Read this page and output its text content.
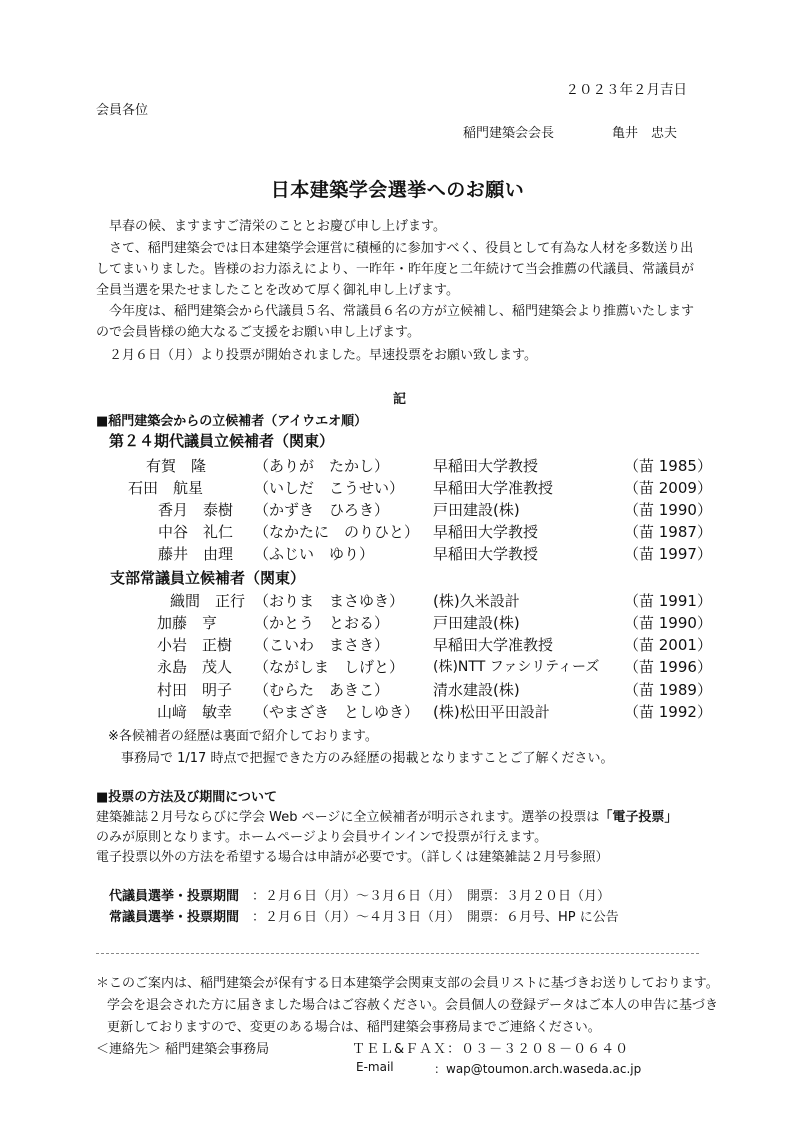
２０２３年２月吉日
会員各位
稲門建築会会長	亀井　忠夫
日本建築学会選挙へのお願い
早春の候、ますますご清栄のこととお慶び申し上げます。
さて、稲門建築会では日本建築学会運営に積極的に参加すべく、役員として有為な人材を多数送り出してまいりました。皆様のお力添えにより、一昨年・昨年度と二年続けて当会推薦の代議員、常議員が全員当選を果たせましたことを改めて厚く御礼申し上げます。
今年度は、稲門建築会から代議員５名、常議員６名の方が立候補し、稲門建築会より推薦いたしますので会員皆様の絶大なるご支援をお願い申し上げます。
２月６日（月）より投票が開始されました。早速投票をお願い致します。
記
■稲門建築会からの立候補者（アイウエオ順）
第２４期代議員立候補者（関東）
有賀　隆	（ありが　たかし）	早稲田大学教授	（苗 1985）
石田　航星	（いしだ　こうせい） 早稲田大学准教授	（苗 2009）
香月　泰樹 （かずき　ひろき）	戸田建設(株)	（苗 1990）
中谷　礼仁 （なかたに　のりひと） 早稲田大学教授	（苗 1987）
藤井　由理 （ふじい　ゆり）	早稲田大学教授	（苗 1997）
支部常議員立候補者（関東）
織間　正行 （おりま　まさゆき） (株)久米設計	（苗 1991）
加藤　亨 （かとう　とおる）	戸田建設(株)	（苗 1990）
小岩　正樹 （こいわ　まさき）	早稲田大学准教授	（苗 2001）
永島　茂人 （ながしま　しげと） (株)NTT ファシリティーズ （苗 1996）
村田　明子 （むらた　あきこ）	清水建設(株)	（苗 1989）
山﨑　敏幸 （やまざき　としゆき） (株)松田平田設計	（苗 1992）
※各候補者の経歴は裏面で紹介しております。
事務局で 1/17 時点で把握できた方のみ経歴の掲載となりますことご了解ください。
■投票の方法及び期間について
建築雑誌２月号ならびに学会 Web ページに全立候補者が明示されます。選挙の投票は「電子投票」
のみが原則となります。ホームページより会員サインインで投票が行えます。
電子投票以外の方法を希望する場合は申請が必要です。（詳しくは建築雑誌２月号参照）
代議員選挙・投票期間 ：２月６日（月）～３月６日（月） 開票：３月２０日（月）
常議員選挙・投票期間 ：２月６日（月）～４月３日（月） 開票：６月号、HP に公告
＊このご案内は、稲門建築会が保有する日本建築学会関東支部の会員リストに基づきお送りしております。
学会を退会された方に届きました場合はご容赦ください。会員個人の登録データはご本人の申告に基づき
更新しておりますので、変更のある場合は、稲門建築会事務局までご連絡ください。
＜連絡先＞ 稲門建築会事務局	ＴＥＬ&ＦＡＸ：０３－３２０８－０６４０
E-mail	：wap@toumon.arch.waseda.ac.jp
